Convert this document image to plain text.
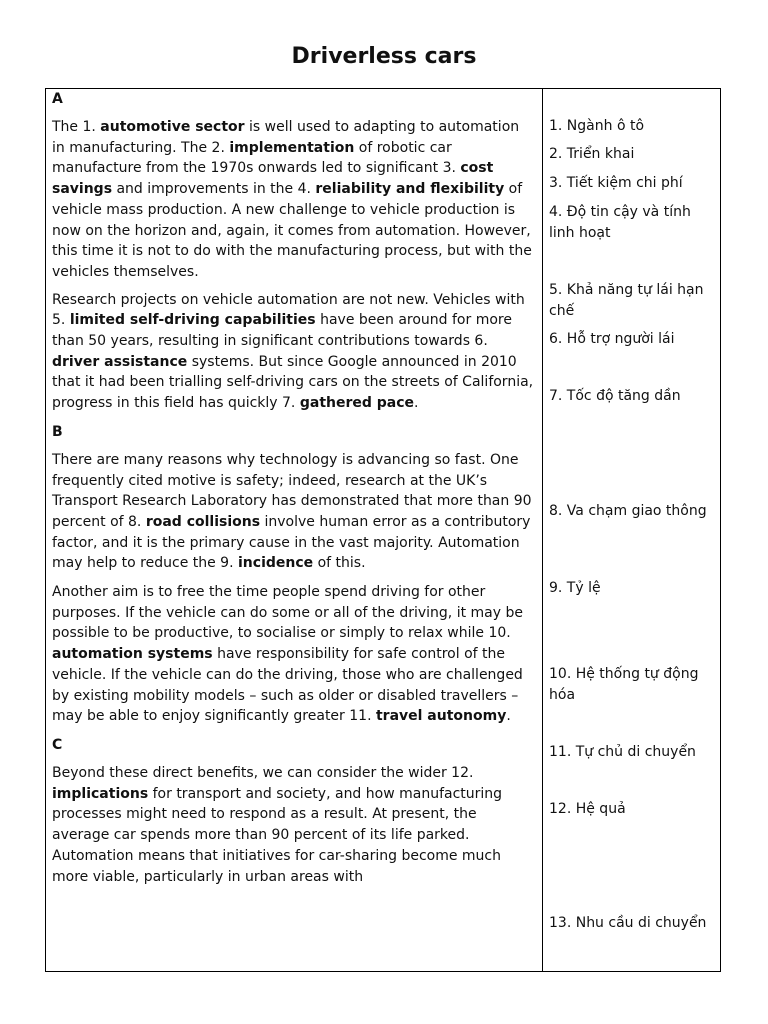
Driverless cars
A

The 1. automotive sector is well used to adapting to automation in manufacturing. The 2. implementation of robotic car manufacture from the 1970s onwards led to significant 3. cost savings and improvements in the 4. reliability and flexibility of vehicle mass production. A new challenge to vehicle production is now on the horizon and, again, it comes from automation. However, this time it is not to do with the manufacturing process, but with the vehicles themselves.

Research projects on vehicle automation are not new. Vehicles with 5. limited self-driving capabilities have been around for more than 50 years, resulting in significant contributions towards 6. driver assistance systems. But since Google announced in 2010 that it had been trialling self-driving cars on the streets of California, progress in this field has quickly 7. gathered pace.

B

There are many reasons why technology is advancing so fast. One frequently cited motive is safety; indeed, research at the UK’s Transport Research Laboratory has demonstrated that more than 90 percent of 8. road collisions involve human error as a contributory factor, and it is the primary cause in the vast majority. Automation may help to reduce the 9. incidence of this.

Another aim is to free the time people spend driving for other purposes. If the vehicle can do some or all of the driving, it may be possible to be productive, to socialise or simply to relax while 10. automation systems have responsibility for safe control of the vehicle. If the vehicle can do the driving, those who are challenged by existing mobility models – such as older or disabled travellers – may be able to enjoy significantly greater 11. travel autonomy.

C

Beyond these direct benefits, we can consider the wider 12. implications for transport and society, and how manufacturing processes might need to respond as a result. At present, the average car spends more than 90 percent of its life parked. Automation means that initiatives for car-sharing become much more viable, particularly in urban areas with

1. Ngành ô tô

2. Triển khai

3. Tiết kiệm chi phí

4. Độ tin cậy và tính linh hoạt

5. Khả năng tự lái hạn chế

6. Hỗ trợ người lái

7. Tốc độ tăng dần

8. Va chạm giao thông

9. Tỷ lệ

10. Hệ thống tự động hóa

11. Tự chủ di chuyển

12. Hệ quả

13. Nhu cầu di chuyển
